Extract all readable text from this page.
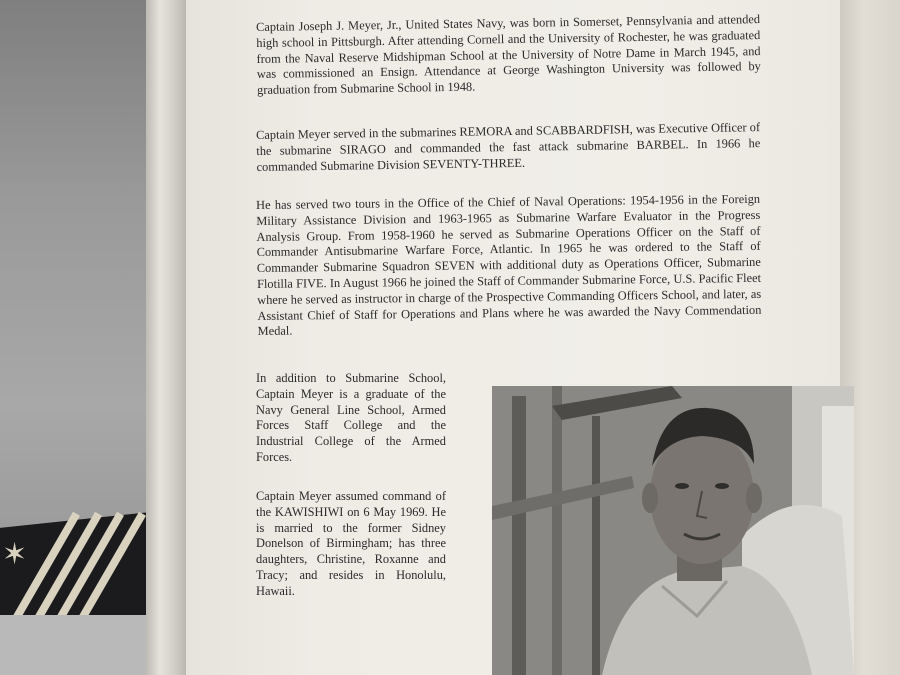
✶

Captain Joseph J. Meyer, Jr., United States Navy, was born in Somerset, Pennsylvania and attended high school in Pittsburgh. After attending Cornell and the University of Rochester, he was graduated from the Naval Reserve Midshipman School at the University of Notre Dame in March 1945, and was commissioned an Ensign. Attendance at George Washington University was followed by graduation from Submarine School in 1948.

Captain Meyer served in the submarines REMORA and SCABBARDFISH, was Executive Officer of the submarine SIRAGO and commanded the fast attack submarine BARBEL. In 1966 he commanded Submarine Division SEVENTY-THREE.

He has served two tours in the Office of the Chief of Naval Operations: 1954-1956 in the Foreign Military Assistance Division and 1963-1965 as Submarine Warfare Evaluator in the Progress Analysis Group. From 1958-1960 he served as Submarine Operations Officer on the Staff of Commander Antisubmarine Warfare Force, Atlantic. In 1965 he was ordered to the Staff of Commander Submarine Squadron SEVEN with additional duty as Operations Officer, Submarine Flotilla FIVE. In August 1966 he joined the Staff of Commander Submarine Force, U.S. Pacific Fleet where he served as instructor in charge of the Prospective Commanding Officers School, and later, as Assistant Chief of Staff for Operations and Plans where he was awarded the Navy Commendation Medal.

In addition to Submarine School, Captain Meyer is a graduate of the Navy General Line School, Armed Forces Staff College and the Industrial College of the Armed Forces.

Captain Meyer assumed command of the KAWISHIWI on 6 May 1969. He is married to the former Sidney Donelson of Birmingham; has three daughters, Christine, Roxanne and Tracy; and resides in Honolulu, Hawaii.
